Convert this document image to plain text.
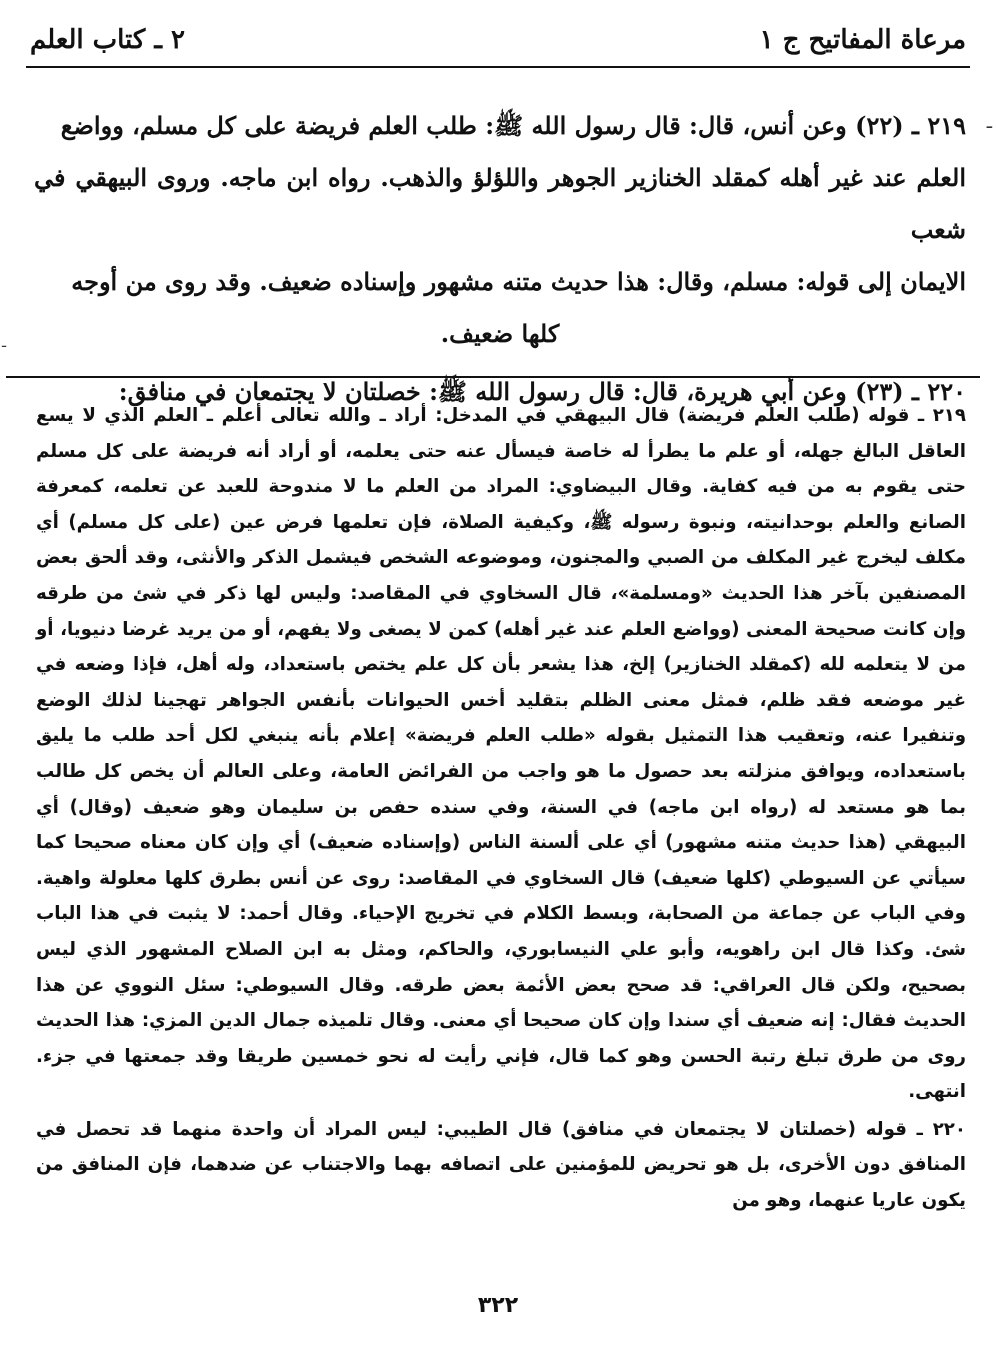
مرعاة المفاتيح ج ١
٢ ـ كتاب العلم
ـ
ـ

٢١٩ ـ (٢٢) وعن أنس، قال: قال رسول الله ﷺ: طلب العلم فريضة على كل مسلم، وواضع

العلم عند غير أهله كمقلد الخنازير الجوهر واللؤلؤ والذهب. رواه ابن ماجه. وروى البيهقي في شعب

الايمان إلى قوله: مسلم، وقال: هذا حديث متنه مشهور وإسناده ضعيف. وقد روى من أوجه

كلها ضعيف.

٢٢٠ ـ (٢٣) وعن أبي هريرة، قال: قال رسول الله ﷺ: خصلتان لا يجتمعان في منافق:

٢١٩ ـ قوله (طلب العلم فريضة) قال البيهقي في المدخل: أراد ـ والله تعالى أعلم ـ العلم الذي لا يسع العاقل البالغ جهله، أو علم ما يطرأ له خاصة فيسأل عنه حتى يعلمه، أو أراد أنه فريضة على كل مسلم حتى يقوم به من فيه كفاية. وقال البيضاوي: المراد من العلم ما لا مندوحة للعبد عن تعلمه، كمعرفة الصانع والعلم بوحدانيته، ونبوة رسوله ﷺ، وكيفية الصلاة، فإن تعلمها فرض عين (على كل مسلم) أي مكلف ليخرج غير المكلف من الصبي والمجنون، وموضوعه الشخص فيشمل الذكر والأنثى، وقد ألحق بعض المصنفين بآخر هذا الحديث «ومسلمة»، قال السخاوي في المقاصد: وليس لها ذكر في شئ من طرقه وإن كانت صحيحة المعنى (وواضع العلم عند غير أهله) كمن لا يصغى ولا يفهم، أو من يريد غرضا دنيويا، أو من لا يتعلمه لله (كمقلد الخنازير) إلخ، هذا يشعر بأن كل علم يختص باستعداد، وله أهل، فإذا وضعه في غير موضعه فقد ظلم، فمثل معنى الظلم بتقليد أخس الحيوانات بأنفس الجواهر تهجينا لذلك الوضع وتنفيرا عنه، وتعقيب هذا التمثيل بقوله «طلب العلم فريضة» إعلام بأنه ينبغي لكل أحد طلب ما يليق باستعداده، ويوافق منزلته بعد حصول ما هو واجب من الفرائض العامة، وعلى العالم أن يخص كل طالب بما هو مستعد له (رواه ابن ماجه) في السنة، وفي سنده حفص بن سليمان وهو ضعيف (وقال) أي البيهقي (هذا حديث متنه مشهور) أي على ألسنة الناس (وإسناده ضعيف) أي وإن كان معناه صحيحا كما سيأتي عن السيوطي (كلها ضعيف) قال السخاوي في المقاصد: روى عن أنس بطرق كلها معلولة واهية. وفي الباب عن جماعة من الصحابة، وبسط الكلام في تخريج الإحياء. وقال أحمد: لا يثبت في هذا الباب شئ. وكذا قال ابن راهويه، وأبو علي النيسابوري، والحاكم، ومثل به ابن الصلاح المشهور الذي ليس بصحيح، ولكن قال العراقي: قد صحح بعض الأئمة بعض طرقه. وقال السيوطي: سئل النووي عن هذا الحديث فقال: إنه ضعيف أي سندا وإن كان صحيحا أي معنى. وقال تلميذه جمال الدين المزي: هذا الحديث روى من طرق تبلغ رتبة الحسن وهو كما قال، فإني رأيت له نحو خمسين طريقا وقد جمعتها في جزء. انتهى.

٢٢٠ ـ قوله (خصلتان لا يجتمعان في منافق) قال الطيبي: ليس المراد أن واحدة منهما قد تحصل في المنافق دون الأخرى، بل هو تحريض للمؤمنين على اتصافه بهما والاجتناب عن ضدهما، فإن المنافق من يكون عاريا عنهما، وهو من

٣٢٢
